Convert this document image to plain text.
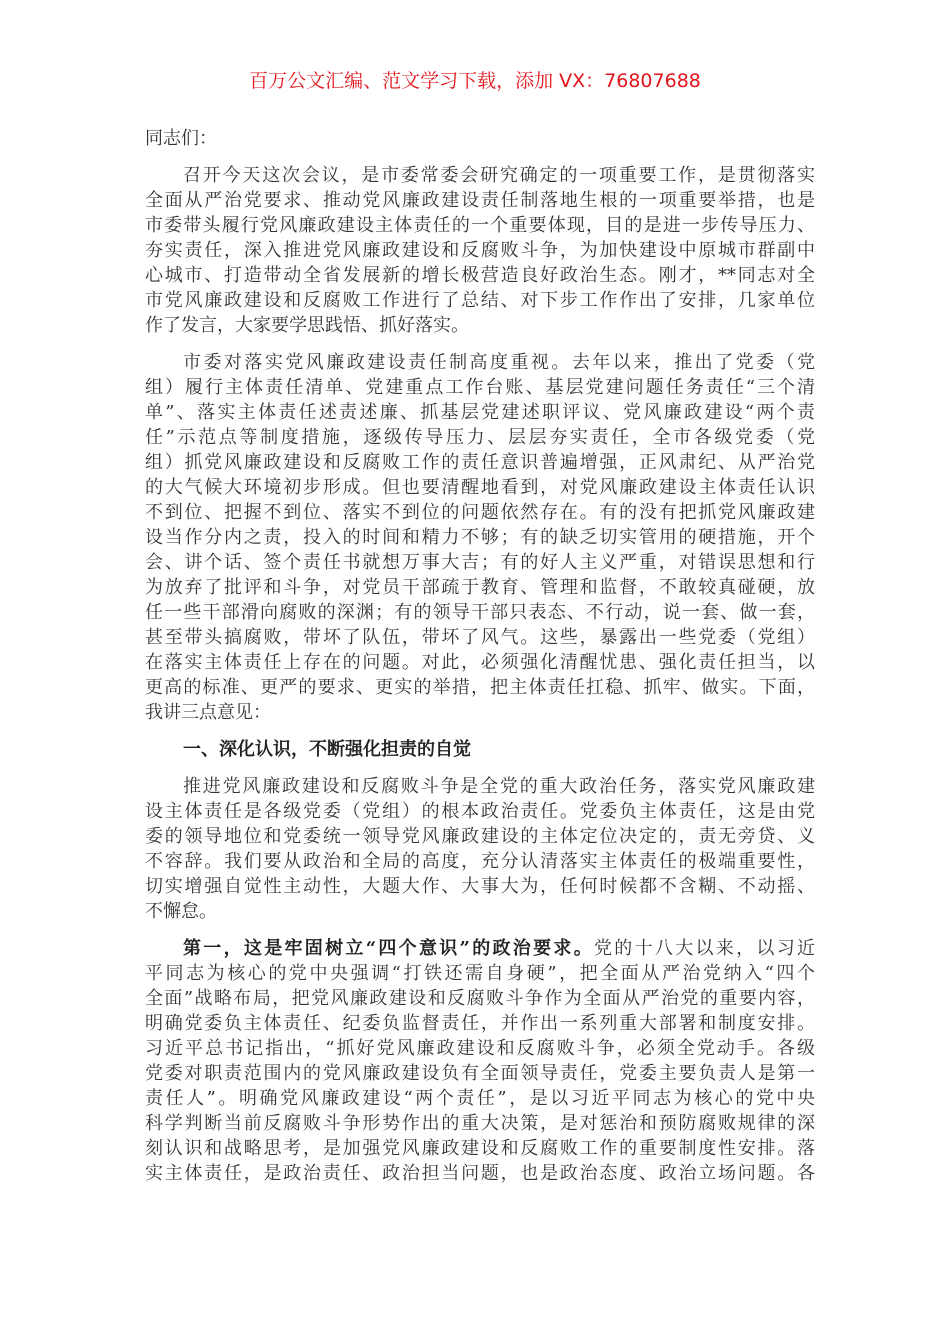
百万公文汇编、范文学习下载，添加 VX：76807688
同志们：
召开今天这次会议，是市委常委会研究确定的一项重要工作，是贯彻落实
全面从严治党要求、推动党风廉政建设责任制落地生根的一项重要举措，也是
市委带头履行党风廉政建设主体责任的一个重要体现，目的是进一步传导压力、
夯实责任，深入推进党风廉政建设和反腐败斗争，为加快建设中原城市群副中
心城市、打造带动全省发展新的增长极营造良好政治生态。刚才，**同志对全
市党风廉政建设和反腐败工作进行了总结、对下步工作作出了安排，几家单位
作了发言，大家要学思践悟、抓好落实。
市委对落实党风廉政建设责任制高度重视。去年以来，推出了党委（党
组）履行主体责任清单、党建重点工作台账、基层党建问题任务责任“三个清
单”、落实主体责任述责述廉、抓基层党建述职评议、党风廉政建设“两个责
任”示范点等制度措施，逐级传导压力、层层夯实责任，全市各级党委（党
组）抓党风廉政建设和反腐败工作的责任意识普遍增强，正风肃纪、从严治党
的大气候大环境初步形成。但也要清醒地看到，对党风廉政建设主体责任认识
不到位、把握不到位、落实不到位的问题依然存在。有的没有把抓党风廉政建
设当作分内之责，投入的时间和精力不够；有的缺乏切实管用的硬措施，开个
会、讲个话、签个责任书就想万事大吉；有的好人主义严重，对错误思想和行
为放弃了批评和斗争，对党员干部疏于教育、管理和监督，不敢较真碰硬，放
任一些干部滑向腐败的深渊；有的领导干部只表态、不行动，说一套、做一套，
甚至带头搞腐败，带坏了队伍，带坏了风气。这些，暴露出一些党委（党组）
在落实主体责任上存在的问题。对此，必须强化清醒忧患、强化责任担当，以
更高的标准、更严的要求、更实的举措，把主体责任扛稳、抓牢、做实。下面，
我讲三点意见：
一、深化认识，不断强化担责的自觉
推进党风廉政建设和反腐败斗争是全党的重大政治任务，落实党风廉政建
设主体责任是各级党委（党组）的根本政治责任。党委负主体责任，这是由党
委的领导地位和党委统一领导党风廉政建设的主体定位决定的，责无旁贷、义
不容辞。我们要从政治和全局的高度，充分认清落实主体责任的极端重要性，
切实增强自觉性主动性，大题大作、大事大为，任何时候都不含糊、不动摇、
不懈怠。
第一，这是牢固树立“四个意识”的政治要求。党的十八大以来，以习近
平同志为核心的党中央强调“打铁还需自身硬”，把全面从严治党纳入“四个
全面”战略布局，把党风廉政建设和反腐败斗争作为全面从严治党的重要内容，
明确党委负主体责任、纪委负监督责任，并作出一系列重大部署和制度安排。
习近平总书记指出，“抓好党风廉政建设和反腐败斗争，必须全党动手。各级
党委对职责范围内的党风廉政建设负有全面领导责任，党委主要负责人是第一
责任人”。明确党风廉政建设“两个责任”，是以习近平同志为核心的党中央
科学判断当前反腐败斗争形势作出的重大决策，是对惩治和预防腐败规律的深
刻认识和战略思考，是加强党风廉政建设和反腐败工作的重要制度性安排。落
实主体责任，是政治责任、政治担当问题，也是政治态度、政治立场问题。各
